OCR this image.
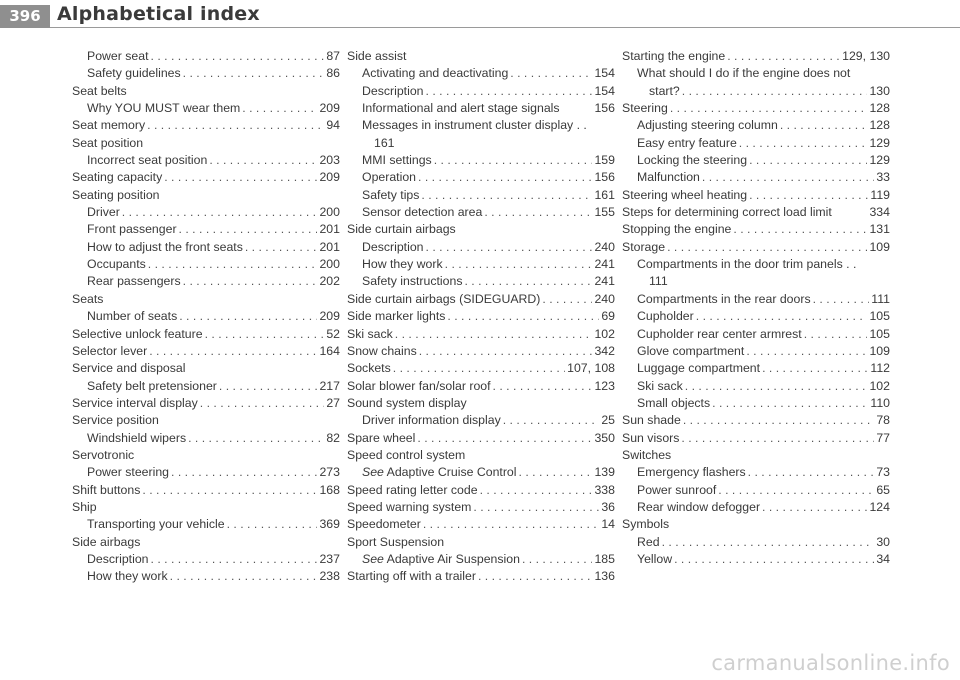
396 Alphabetical index
Power seat .....	87
Safety guidelines .....	86
Seat belts
Why YOU MUST wear them .....	209
Seat memory .....	94
Seat position
Incorrect seat position .....	203
Seating capacity .....	209
Seating position
Driver .....	200
Front passenger .....	201
How to adjust the front seats .....	201
Occupants .....	200
Rear passengers .....	202
Seats
Number of seats .....	209
Selective unlock feature .....	52
Selector lever .....	164
Service and disposal
Safety belt pretensioner .....	217
Service interval display .....	27
Service position
Windshield wipers .....	82
Servotronic
Power steering .....	273
Shift buttons .....	168
Ship
Transporting your vehicle .....	369
Side airbags
Description .....	237
How they work .....	238
Side assist
Activating and deactivating .....	154
Description .....	154
Informational and alert stage signals	156
Messages in instrument cluster display . .
161
MMI settings .....	159
Operation .....	156
Safety tips .....	161
Sensor detection area .....	155
Side curtain airbags
Description .....	240
How they work .....	241
Safety instructions .....	241
Side curtain airbags (SIDEGUARD) .....	240
Side marker lights .....	69
Ski sack .....	102
Snow chains .....	342
Sockets .....	107, 108
Solar blower fan/solar roof .....	123
Sound system display
Driver information display .....	25
Spare wheel .....	350
Speed control system
See Adaptive Cruise Control .....	139
Speed rating letter code .....	338
Speed warning system .....	36
Speedometer .....	14
Sport Suspension
See Adaptive Air Suspension .....	185
Starting off with a trailer .....	136
Starting the engine .....	129, 130
What should I do if the engine does not
start? .....	130
Steering .....	128
Adjusting steering column .....	128
Easy entry feature .....	129
Locking the steering .....	129
Malfunction .....	33
Steering wheel heating .....	119
Steps for determining correct load limit	334
Stopping the engine .....	131
Storage .....	109
Compartments in the door trim panels . .
111
Compartments in the rear doors .....	111
Cupholder .....	105
Cupholder rear center armrest .....	105
Glove compartment .....	109
Luggage compartment .....	112
Ski sack .....	102
Small objects .....	110
Sun shade .....	78
Sun visors .....	77
Switches
Emergency flashers .....	73
Power sunroof .....	65
Rear window defogger .....	124
Symbols
Red .....	30
Yellow .....	34
carmanualsonline.info
